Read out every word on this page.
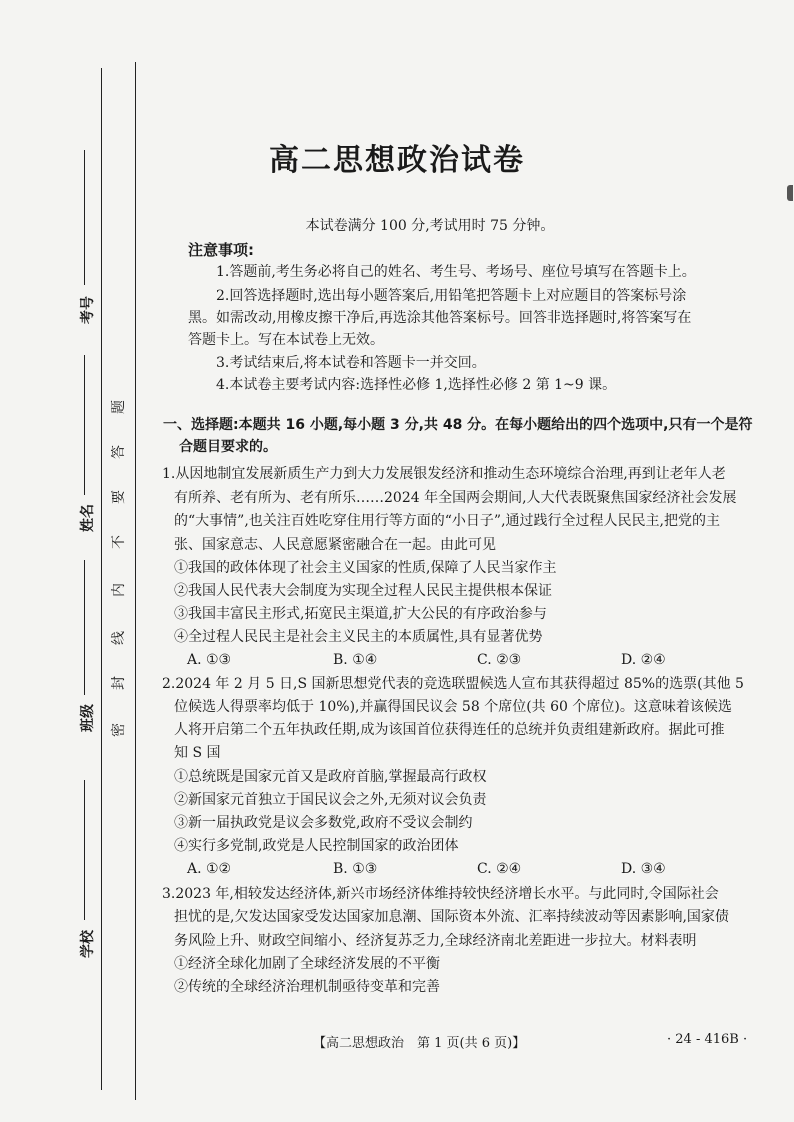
考号
姓名
班级
学校
题
答
要
不
内
线
封
密
高二思想政治试卷
本试卷满分 100 分,考试用时 75 分钟。
注意事项:
1.答题前,考生务必将自己的姓名、考生号、考场号、座位号填写在答题卡上。
2.回答选择题时,选出每小题答案后,用铅笔把答题卡上对应题目的答案标号涂
黑。如需改动,用橡皮擦干净后,再选涂其他答案标号。回答非选择题时,将答案写在
答题卡上。写在本试卷上无效。
3.考试结束后,将本试卷和答题卡一并交回。
4.本试卷主要考试内容:选择性必修 1,选择性必修 2 第 1~9 课。
一、选择题:本题共 16 小题,每小题 3 分,共 48 分。在每小题给出的四个选项中,只有一个是符
合题目要求的。
1.从因地制宜发展新质生产力到大力发展银发经济和推动生态环境综合治理,再到让老年人老
有所养、老有所为、老有所乐……2024 年全国两会期间,人大代表既聚焦国家经济社会发展
的“大事情”,也关注百姓吃穿住用行等方面的“小日子”,通过践行全过程人民民主,把党的主
张、国家意志、人民意愿紧密融合在一起。由此可见
①我国的政体体现了社会主义国家的性质,保障了人民当家作主
②我国人民代表大会制度为实现全过程人民民主提供根本保证
③我国丰富民主形式,拓宽民主渠道,扩大公民的有序政治参与
④全过程人民民主是社会主义民主的本质属性,具有显著优势
A. ①③	B. ①④	C. ②③	D. ②④
2.2024 年 2 月 5 日,S 国新思想党代表的竞选联盟候选人宣布其获得超过 85%的选票(其他 5
位候选人得票率均低于 10%),并赢得国民议会 58 个席位(共 60 个席位)。这意味着该候选
人将开启第二个五年执政任期,成为该国首位获得连任的总统并负责组建新政府。据此可推
知 S 国
①总统既是国家元首又是政府首脑,掌握最高行政权
②新国家元首独立于国民议会之外,无须对议会负责
③新一届执政党是议会多数党,政府不受议会制约
④实行多党制,政党是人民控制国家的政治团体
A. ①②	B. ①③	C. ②④	D. ③④
3.2023 年,相较发达经济体,新兴市场经济体维持较快经济增长水平。与此同时,令国际社会
担忧的是,欠发达国家受发达国家加息潮、国际资本外流、汇率持续波动等因素影响,国家债
务风险上升、财政空间缩小、经济复苏乏力,全球经济南北差距进一步拉大。材料表明
①经济全球化加剧了全球经济发展的不平衡
②传统的全球经济治理机制亟待变革和完善
【高二思想政治　第 1 页(共 6 页)】	· 24 - 416B ·
